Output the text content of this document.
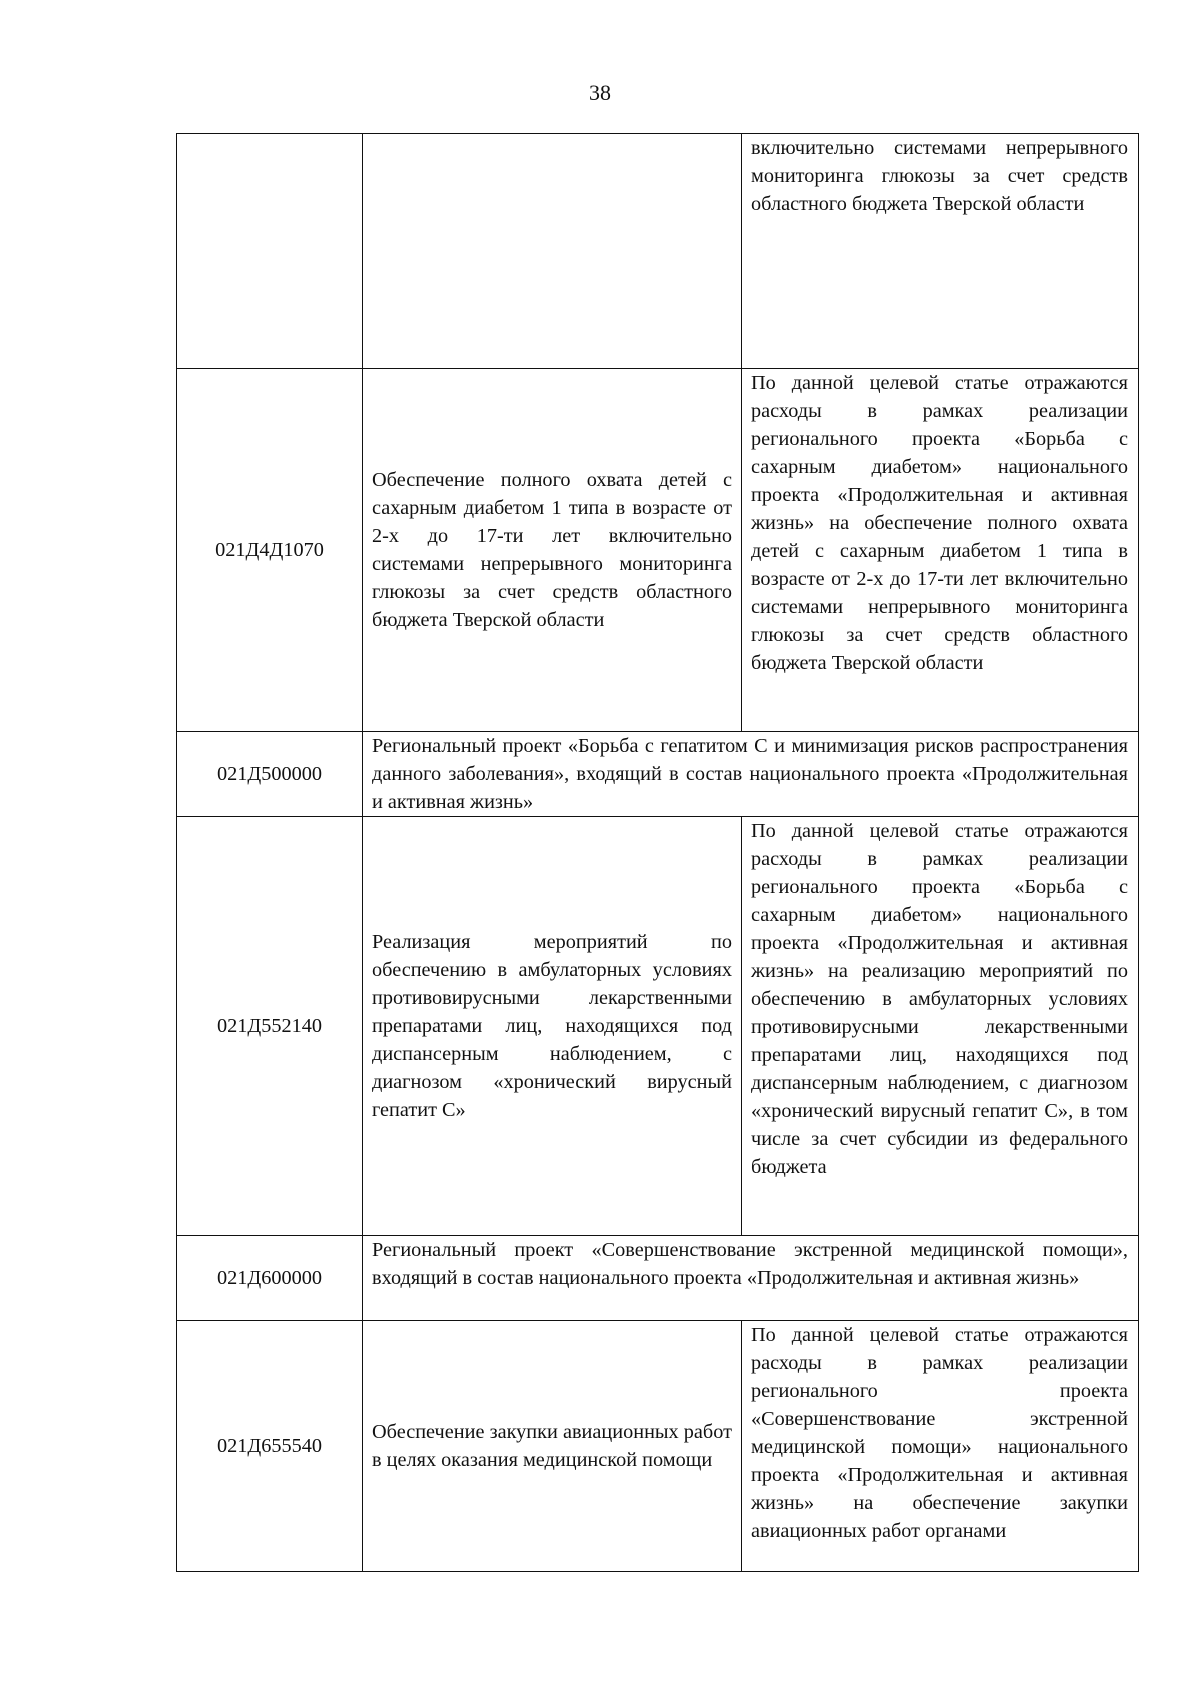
38
		включительно системами непрерывного мониторинга глюкозы за счет средств областного бюджета Тверской области
021Д4Д1070	Обеспечение полного охвата детей с сахарным диабетом 1 типа в возрасте от 2-х до 17-ти лет включительно системами непрерывного мониторинга глюкозы за счет средств областного бюджета Тверской области	По данной целевой статье отражаются расходы в рамках реализации регионального проекта «Борьба с сахарным диабетом» национального проекта «Продолжительная и активная жизнь» на обеспечение полного охвата детей с сахарным диабетом 1 типа в возрасте от 2-х до 17-ти лет включительно системами непрерывного мониторинга глюкозы за счет средств областного бюджета Тверской области
021Д500000	Региональный проект «Борьба с гепатитом С и минимизация рисков распространения данного заболевания», входящий в состав национального проекта «Продолжительная и активная жизнь»	
021Д552140	Реализация мероприятий по обеспечению в амбулаторных условиях противовирусными лекарственными препаратами лиц, находящихся под диспансерным наблюдением, с диагнозом «хронический вирусный гепатит С»	По данной целевой статье отражаются расходы в рамках реализации регионального проекта «Борьба с сахарным диабетом» национального проекта «Продолжительная и активная жизнь» на реализацию мероприятий по обеспечению в амбулаторных условиях противовирусными лекарственными препаратами лиц, находящихся под диспансерным наблюдением, с диагнозом «хронический вирусный гепатит С», в том числе за счет субсидии из федерального бюджета
021Д600000	Региональный проект «Совершенствование экстренной медицинской помощи», входящий в состав национального проекта «Продолжительная и активная жизнь»	
021Д655540	Обеспечение закупки авиационных работ в целях оказания медицинской помощи	По данной целевой статье отражаются расходы в рамках реализации регионального проекта «Совершенствование экстренной медицинской помощи» национального проекта «Продолжительная и активная жизнь» на обеспечение закупки авиационных работ органами
